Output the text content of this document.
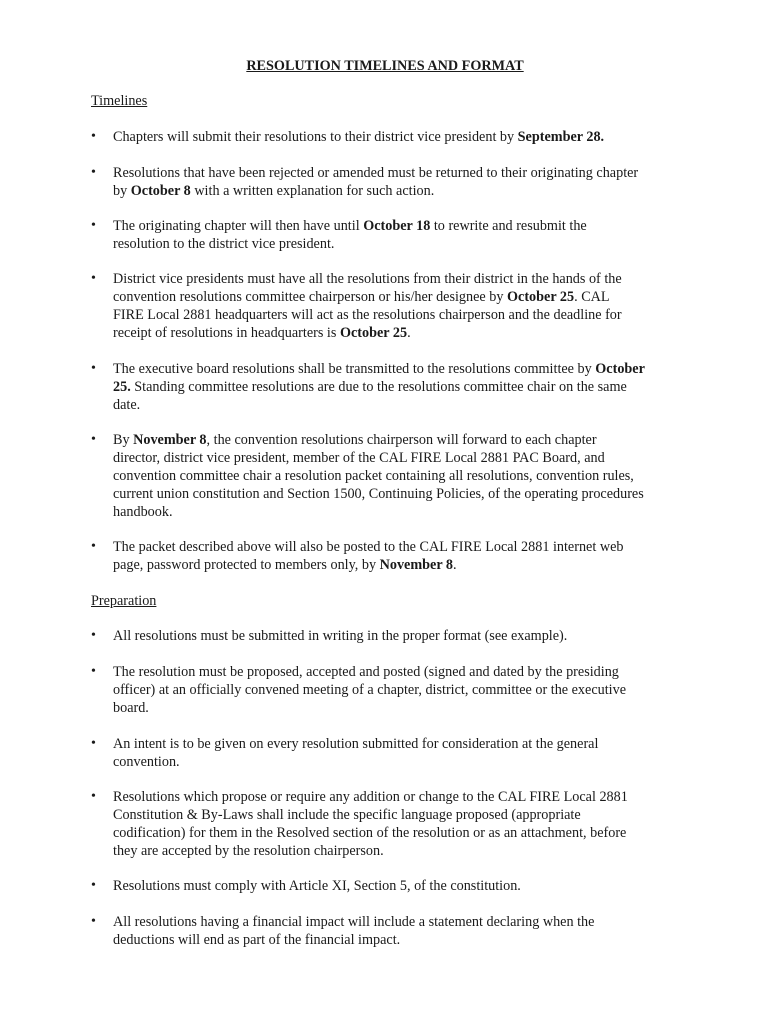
RESOLUTION TIMELINES AND FORMAT
Timelines
•	Chapters will submit their resolutions to their district vice president by September 28.
•	Resolutions that have been rejected or amended must be returned to their originating chapter
by October 8 with a written explanation for such action.
•	The originating chapter will then have until October 18 to rewrite and resubmit the
resolution to the district vice president.
•	District vice presidents must have all the resolutions from their district in the hands of the
convention resolutions committee chairperson or his/her designee by October 25. CAL
FIRE Local 2881 headquarters will act as the resolutions chairperson and the deadline for
receipt of resolutions in headquarters is October 25.
•	The executive board resolutions shall be transmitted to the resolutions committee by October
25. Standing committee resolutions are due to the resolutions committee chair on the same
date.
•	By November 8, the convention resolutions chairperson will forward to each chapter
director, district vice president, member of the CAL FIRE Local 2881 PAC Board, and
convention committee chair a resolution packet containing all resolutions, convention rules,
current union constitution and Section 1500, Continuing Policies, of the operating procedures
handbook.
•	The packet described above will also be posted to the CAL FIRE Local 2881 internet web
page, password protected to members only, by November 8.
Preparation
•	All resolutions must be submitted in writing in the proper format (see example).
•	The resolution must be proposed, accepted and posted (signed and dated by the presiding
officer) at an officially convened meeting of a chapter, district, committee or the executive
board.
•	An intent is to be given on every resolution submitted for consideration at the general
convention.
•	Resolutions which propose or require any addition or change to the CAL FIRE Local 2881
Constitution & By-Laws shall include the specific language proposed (appropriate
codification) for them in the Resolved section of the resolution or as an attachment, before
they are accepted by the resolution chairperson.
•	Resolutions must comply with Article XI, Section 5, of the constitution.
•	All resolutions having a financial impact will include a statement declaring when the
deductions will end as part of the financial impact.
